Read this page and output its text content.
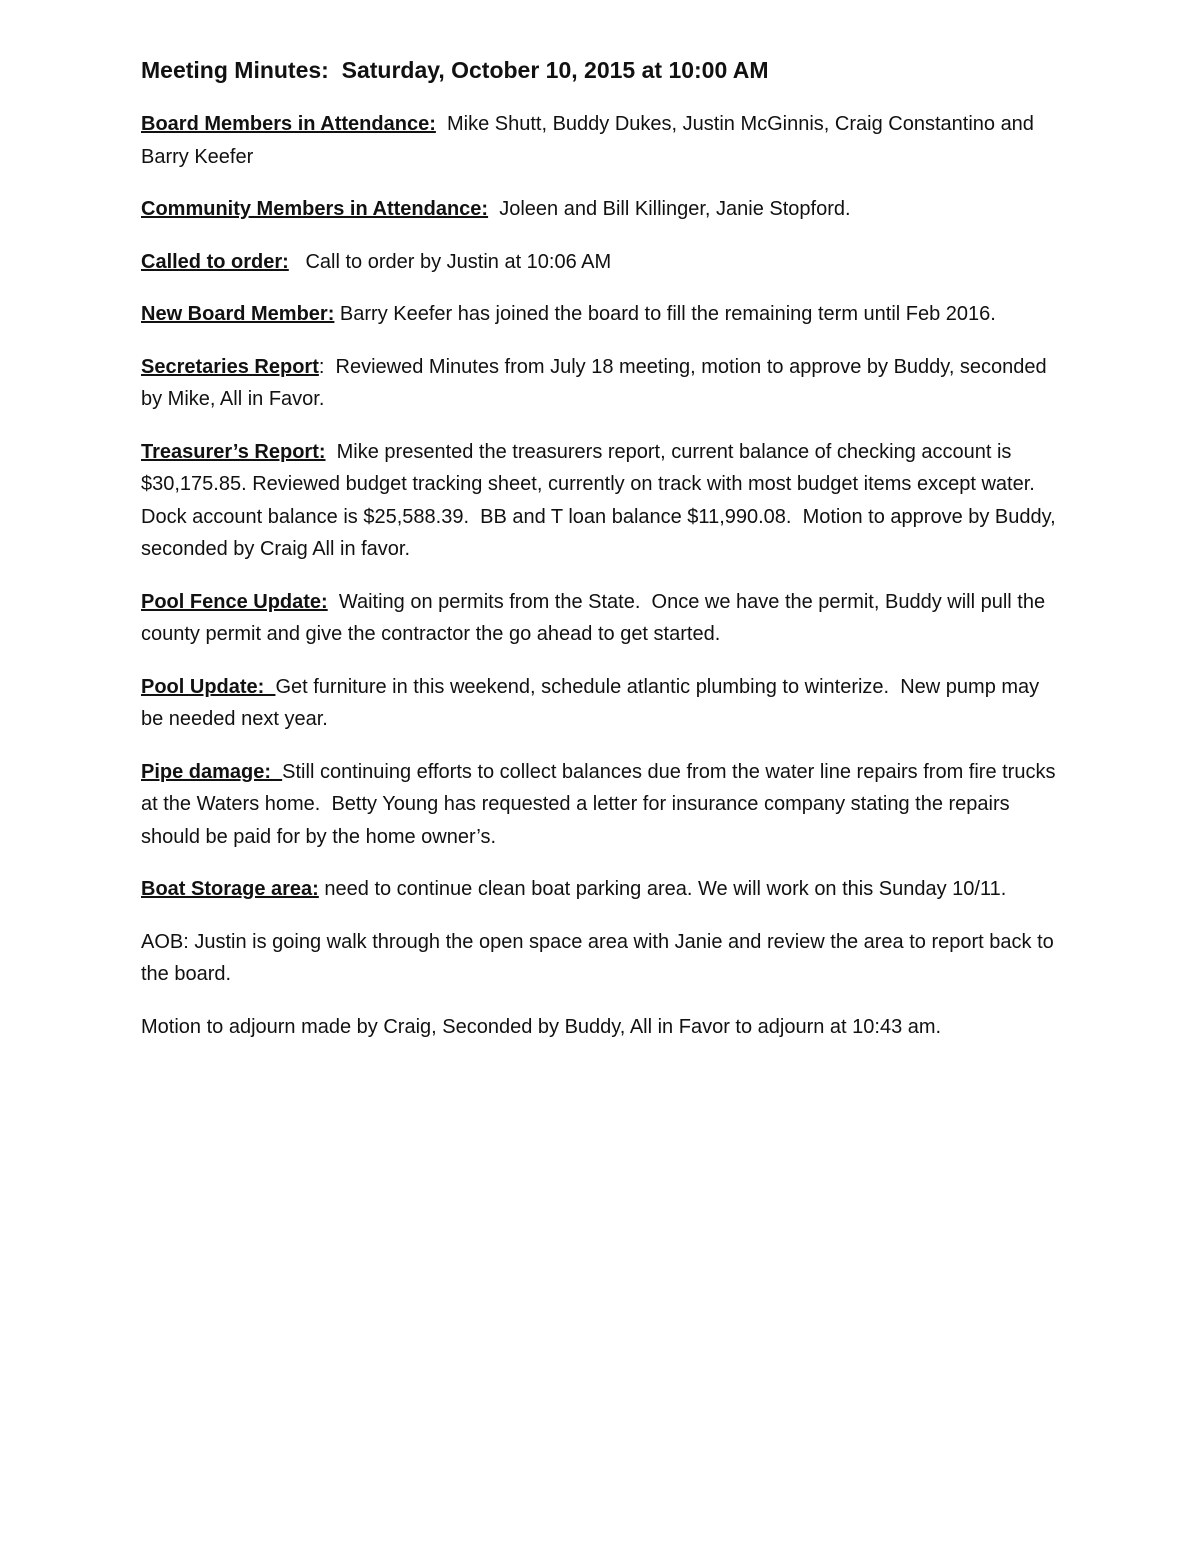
Meeting Minutes:  Saturday, October 10, 2015 at 10:00 AM

Board Members in Attendance:  Mike Shutt, Buddy Dukes, Justin McGinnis, Craig Constantino and Barry Keefer

Community Members in Attendance:  Joleen and Bill Killinger, Janie Stopford.

Called to order:   Call to order by Justin at 10:06 AM

New Board Member: Barry Keefer has joined the board to fill the remaining term until Feb 2016.

Secretaries Report:  Reviewed Minutes from July 18 meeting, motion to approve by Buddy, seconded by Mike, All in Favor.

Treasurer’s Report:  Mike presented the treasurers report, current balance of checking account is $30,175.85. Reviewed budget tracking sheet, currently on track with most budget items except water.  Dock account balance is $25,588.39.  BB and T loan balance $11,990.08.  Motion to approve by Buddy, seconded by Craig All in favor.

Pool Fence Update:  Waiting on permits from the State.  Once we have the permit, Buddy will pull the county permit and give the contractor the go ahead to get started.

Pool Update:  Get furniture in this weekend, schedule atlantic plumbing to winterize.  New pump may be needed next year.

Pipe damage:  Still continuing efforts to collect balances due from the water line repairs from fire trucks at the Waters home.  Betty Young has requested a letter for insurance company stating the repairs should be paid for by the home owner’s.

Boat Storage area: need to continue clean boat parking area. We will work on this Sunday 10/11.

AOB: Justin is going walk through the open space area with Janie and review the area to report back to the board.

Motion to adjourn made by Craig, Seconded by Buddy, All in Favor to adjourn at 10:43 am.
